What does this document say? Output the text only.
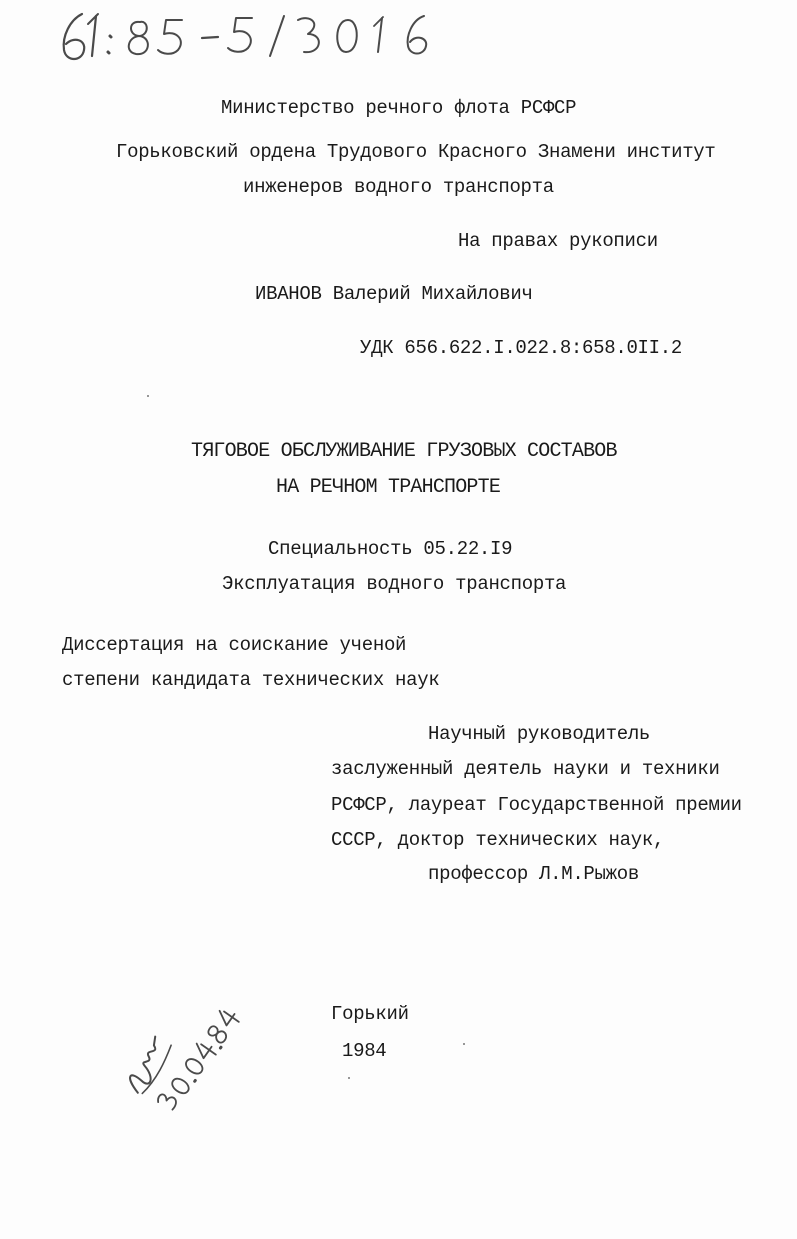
Министерство речного флота РСФСР
Горьковский ордена Трудового Красного Знамени институт
инженеров водного транспорта
На правах рукописи
ИВАНОВ Валерий Михайлович
УДК 656.622.I.022.8:658.0II.2
ТЯГОВОЕ ОБСЛУЖИВАНИЕ ГРУЗОВЫХ СОСТАВОВ
НА РЕЧНОМ ТРАНСПОРТЕ
Специальность 05.22.I9
Эксплуатация водного транспорта
Диссертация на соискание ученой
степени кандидата технических наук
Научный руководитель
заслуженный деятель науки и техники
РСФСР, лауреат Государственной премии
СССР, доктор технических наук,
профессор Л.М.Рыжов
Горький
1984
